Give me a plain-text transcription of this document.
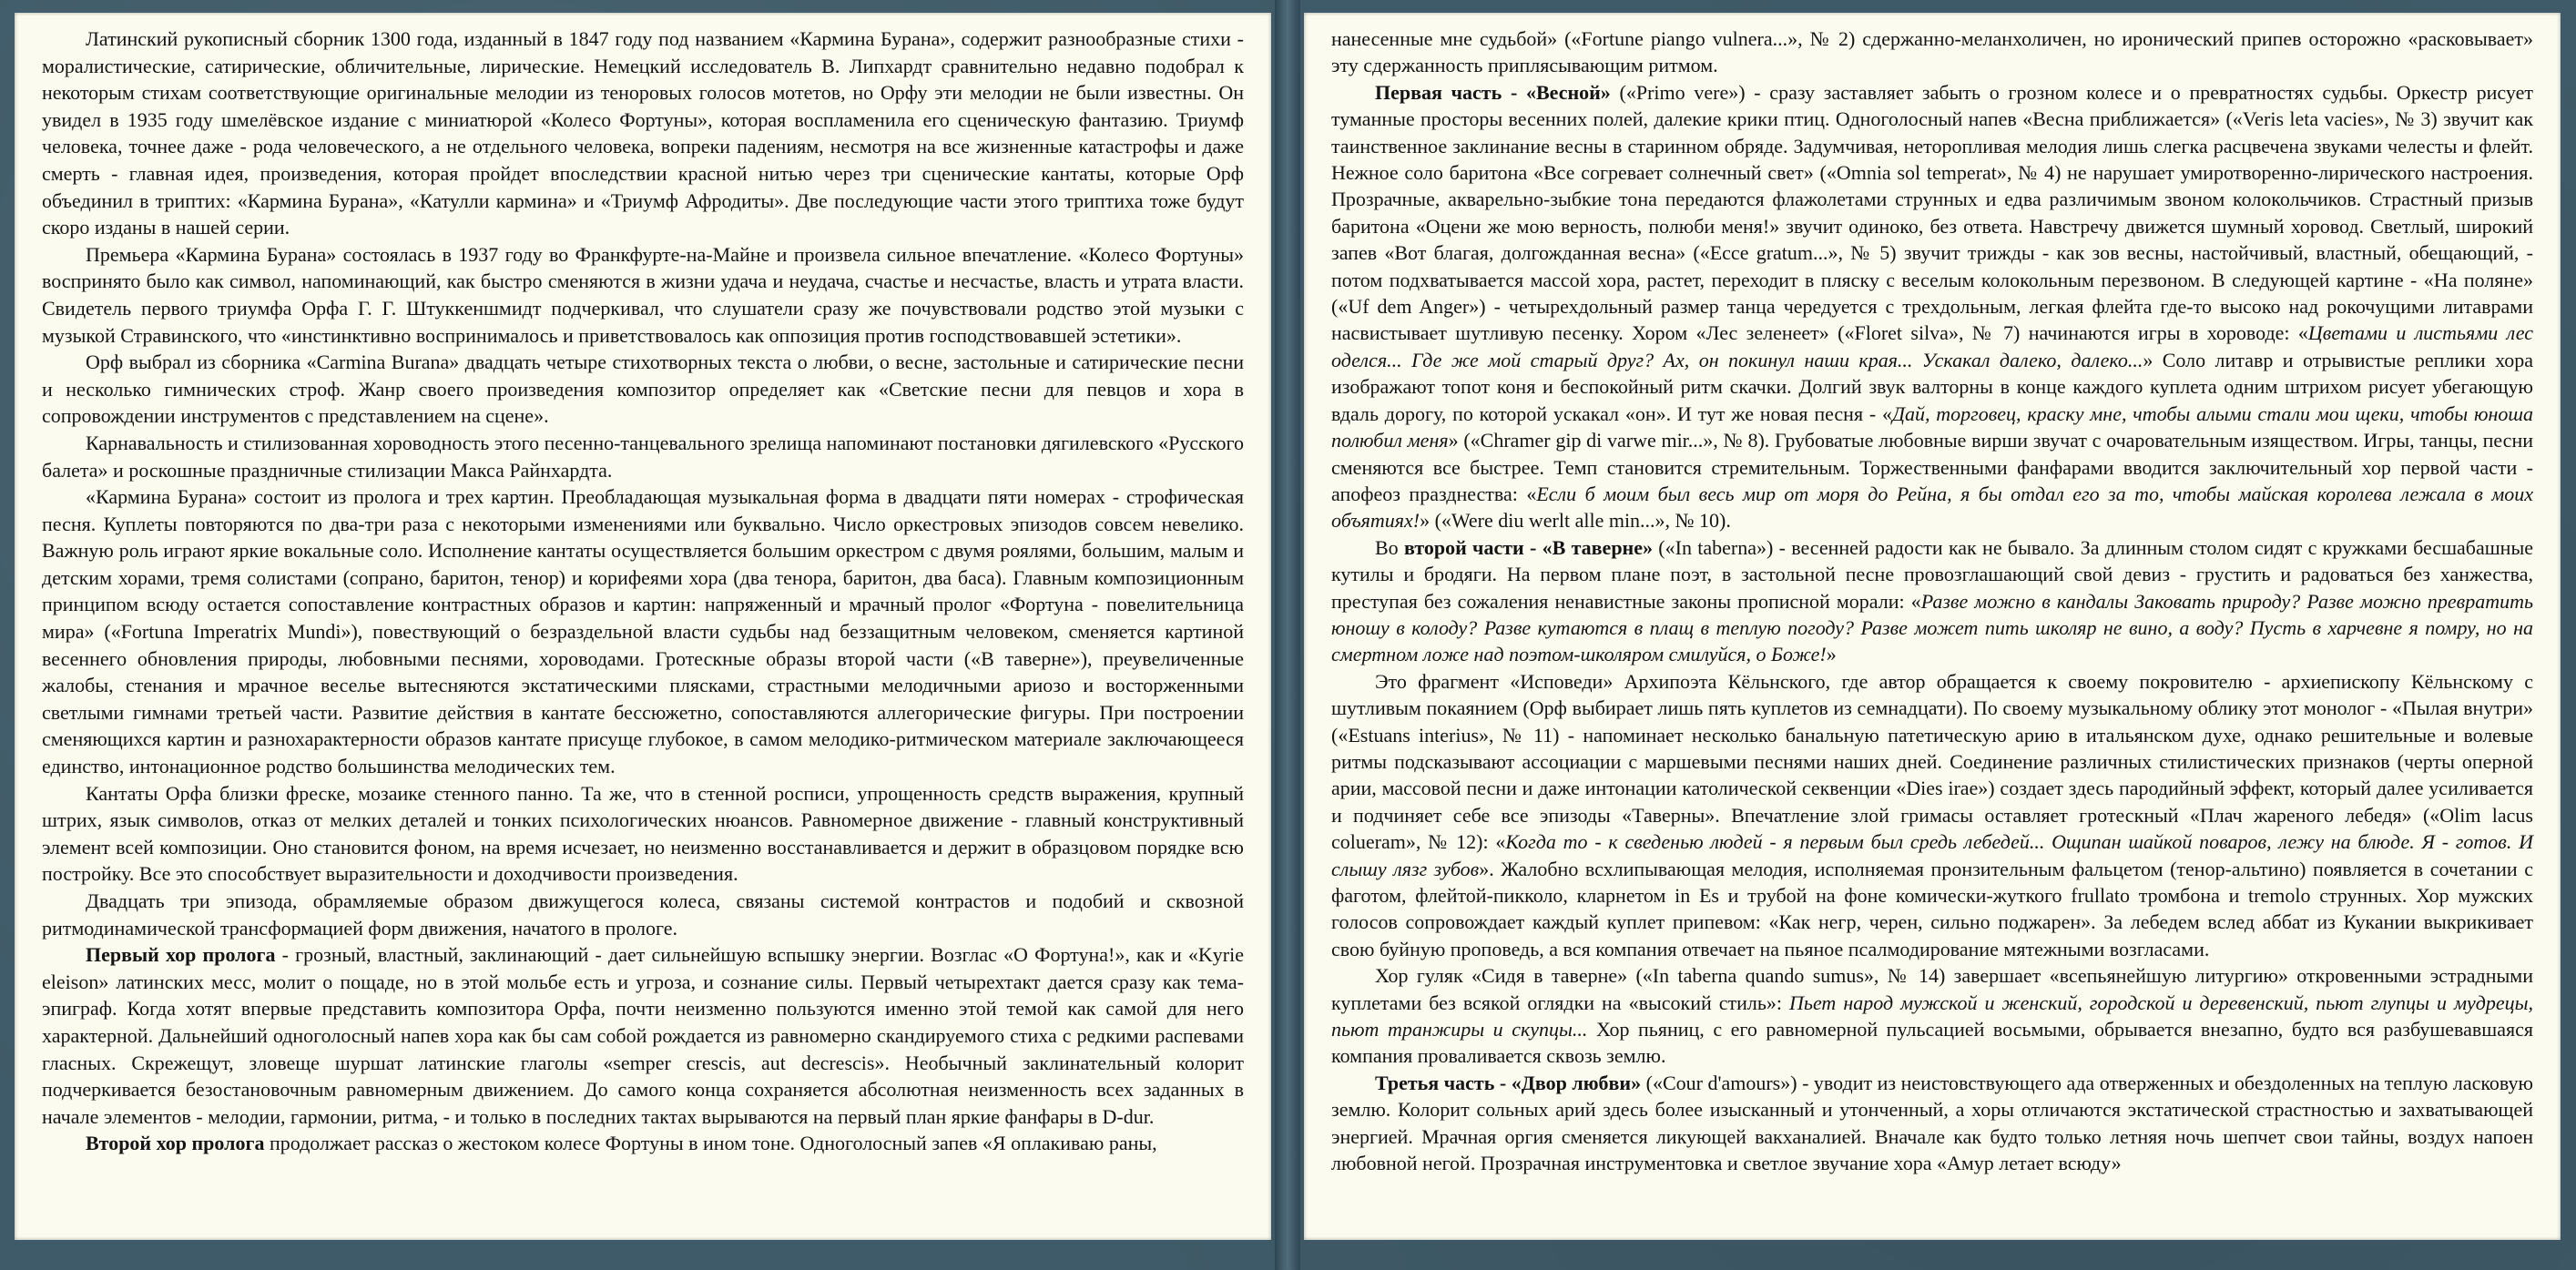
Латинский рукописный сборник 1300 года, изданный в 1847 году под названием «Кармина Бурана», содержит разнообразные стихи - моралистические, сатирические, обличительные, лирические. Немецкий исследователь В. Липхардт сравнительно недавно подобрал к некоторым стихам соответствующие оригинальные мелодии из теноровых голосов мотетов, но Орфу эти мелодии не были известны. Он увидел в 1935 году шмелёвское издание с миниатюрой «Колесо Фортуны», которая воспламенила его сценическую фантазию. Триумф человека, точнее даже - рода человеческого, а не отдельного человека, вопреки падениям, несмотря на все жизненные катастрофы и даже смерть - главная идея, произведения, которая пройдет впоследствии красной нитью через три сценические кантаты, которые Орф объединил в триптих: «Кармина Бурана», «Катулли кармина» и «Триумф Афродиты». Две последующие части этого триптиха тоже будут скоро изданы в нашей серии.

Премьера «Кармина Бурана» состоялась в 1937 году во Франкфурте-на-Майне и произвела сильное впечатление. «Колесо Фортуны» воспринято было как символ, напоминающий, как быстро сменяются в жизни удача и неудача, счастье и несчастье, власть и утрата власти. Свидетель первого триумфа Орфа Г. Г. Штуккеншмидт подчеркивал, что слушатели сразу же почувствовали родство этой музыки с музыкой Стравинского, что «инстинктивно воспринималось и приветствовалось как оппозиция против господствовавшей эстетики».

Орф выбрал из сборника «Carmina Burana» двадцать четыре стихотворных текста о любви, о весне, застольные и сатирические песни и несколько гимнических строф. Жанр своего произведения композитор определяет как «Светские песни для певцов и хора в сопровождении инструментов с представлением на сцене».

Карнавальность и стилизованная хороводность этого песенно-танцевального зрелища напоминают постановки дягилевского «Русского балета» и роскошные праздничные стилизации Макса Райнхардта.

«Кармина Бурана» состоит из пролога и трех картин. Преобладающая музыкальная форма в двадцати пяти номерах - строфическая песня. Куплеты повторяются по два-три раза с некоторыми изменениями или буквально. Число оркестровых эпизодов совсем невелико. Важную роль играют яркие вокальные соло. Исполнение кантаты осуществляется большим оркестром с двумя роялями, большим, малым и детским хорами, тремя солистами (сопрано, баритон, тенор) и корифеями хора (два тенора, баритон, два баса). Главным композиционным принципом всюду остается сопоставление контрастных образов и картин: напряженный и мрачный пролог «Фортуна - повелительница мира» («Fortuna Imperatrix Mundi»), повествующий о безраздельной власти судьбы над беззащитным человеком, сменяется картиной весеннего обновления природы, любовными песнями, хороводами. Гротескные образы второй части («В таверне»), преувеличенные жалобы, стенания и мрачное веселье вытесняются экстатическими плясками, страстными мелодичными ариозо и восторженными светлыми гимнами третьей части. Развитие действия в кантате бессюжетно, сопоставляются аллегорические фигуры. При построении сменяющихся картин и разнохарактерности образов кантате присуще глубокое, в самом мелодико-ритмическом материале заключающееся единство, интонационное родство большинства мелодических тем.

Кантаты Орфа близки фреске, мозаике стенного панно. Та же, что в стенной росписи, упрощенность средств выражения, крупный штрих, язык символов, отказ от мелких деталей и тонких психологических нюансов. Равномерное движение - главный конструктивный элемент всей композиции. Оно становится фоном, на время исчезает, но неизменно восстанавливается и держит в образцовом порядке всю постройку. Все это способствует выразительности и доходчивости произведения.

Двадцать три эпизода, обрамляемые образом движущегося колеса, связаны системой контрастов и подобий и сквозной ритмодинамической трансформацией форм движения, начатого в прологе.

Первый хор пролога - грозный, властный, заклинающий - дает сильнейшую вспышку энергии. Возглас «О Фортуна!», как и «Kyrie eleison» латинских месс, молит о пощаде, но в этой мольбе есть и угроза, и сознание силы. Первый четырехтакт дается сразу как тема-эпиграф. Когда хотят впервые представить композитора Орфа, почти неизменно пользуются именно этой темой как самой для него характерной. Дальнейший одноголосный напев хора как бы сам собой рождается из равномерно скандируемого стиха с редкими распевами гласных. Скрежещут, зловеще шуршат латинские глаголы «semper crescis, aut decrescis». Необычный заклинательный колорит подчеркивается безостановочным равномерным движением. До самого конца сохраняется абсолютная неизменность всех заданных в начале элементов - мелодии, гармонии, ритма, - и только в последних тактах вырываются на первый план яркие фанфары в D-dur.

Второй хор пролога продолжает рассказ о жестоком колесе Фортуны в ином тоне. Одноголосный запев «Я оплакиваю раны,

нанесенные мне судьбой» («Fortune piango vulnera...», № 2) сдержанно-меланхоличен, но иронический припев осторожно «расковывает» эту сдержанность приплясывающим ритмом.

Первая часть - «Весной» («Primo vere») - сразу заставляет забыть о грозном колесе и о превратностях судьбы. Оркестр рисует туманные просторы весенних полей, далекие крики птиц. Одноголосный напев «Весна приближается» («Veris leta vacies», № 3) звучит как таинственное заклинание весны в старинном обряде. Задумчивая, неторопливая мелодия лишь слегка расцвечена звуками челесты и флейт. Нежное соло баритона «Все согревает солнечный свет» («Omnia sol temperat», № 4) не нарушает умиротворенно-лирического настроения. Прозрачные, акварельно-зыбкие тона передаются флажолетами струнных и едва различимым звоном колокольчиков. Страстный призыв баритона «Оцени же мою верность, полюби меня!» звучит одиноко, без ответа. Навстречу движется шумный хоровод. Светлый, широкий запев «Вот благая, долгожданная весна» («Ecce gratum...», № 5) звучит трижды - как зов весны, настойчивый, властный, обещающий, - потом подхватывается массой хора, растет, переходит в пляску с веселым колокольным перезвоном. В следующей картине - «На поляне» («Uf dem Anger») - четырехдольный размер танца чередуется с трехдольным, легкая флейта где-то высоко над рокочущими литаврами насвистывает шутливую песенку. Хором «Лес зеленеет» («Floret silva», № 7) начинаются игры в хороводе: «Цветами и листьями лес оделся... Где же мой старый друг? Ах, он покинул наши края... Ускакал далеко, далеко...» Соло литавр и отрывистые реплики хора изображают топот коня и беспокойный ритм скачки. Долгий звук валторны в конце каждого куплета одним штрихом рисует убегающую вдаль дорогу, по которой ускакал «он». И тут же новая песня - «Дай, торговец, краску мне, чтобы алыми стали мои щеки, чтобы юноша полюбил меня» («Chramer gip di varwe mir...», № 8). Грубоватые любовные вирши звучат с очаровательным изяществом. Игры, танцы, песни сменяются все быстрее. Темп становится стремительным. Торжественными фанфарами вводится заключительный хор первой части - апофеоз празднества: «Если б моим был весь мир от моря до Рейна, я бы отдал его за то, чтобы майская королева лежала в моих объятиях!» («Were diu werlt alle min...», № 10).

Во второй части - «В таверне» («In taberna») - весенней радости как не бывало. За длинным столом сидят с кружками бесшабашные кутилы и бродяги. На первом плане поэт, в застольной песне провозглашающий свой девиз - грустить и радоваться без ханжества, преступая без сожаления ненавистные законы прописной морали: «Разве можно в кандалы Заковать природу? Разве можно превратить юношу в колоду? Разве кутаются в плащ в теплую погоду? Разве может пить школяр не вино, а воду? Пусть в харчевне я помру, но на смертном ложе над поэтом-школяром смилуйся, о Боже!»

Это фрагмент «Исповеди» Архипоэта Кёльнского, где автор обращается к своему покровителю - архиепископу Кёльнскому с шутливым покаянием (Орф выбирает лишь пять куплетов из семнадцати). По своему музыкальному облику этот монолог - «Пылая внутри» («Estuans interius», № 11) - напоминает несколько банальную патетическую арию в итальянском духе, однако решительные и волевые ритмы подсказывают ассоциации с маршевыми песнями наших дней. Соединение различных стилистических признаков (черты оперной арии, массовой песни и даже интонации католической секвенции «Dies irae») создает здесь пародийный эффект, который далее усиливается и подчиняет себе все эпизоды «Таверны». Впечатление злой гримасы оставляет гротескный «Плач жареного лебедя» («Olim lacus colueram», № 12): «Когда то - к сведенью людей - я первым был средь лебедей... Ощипан шайкой поваров, лежу на блюде. Я - готов. И слышу лязг зубов». Жалобно всхлипывающая мелодия, исполняемая пронзительным фальцетом (тенор-альтино) появляется в сочетании с фаготом, флейтой-пикколо, кларнетом in Es и трубой на фоне комически-жуткого frullato тромбона и tremolo струнных. Хор мужских голосов сопровождает каждый куплет припевом: «Как негр, черен, сильно поджарен». За лебедем вслед аббат из Кукании выкрикивает свою буйную проповедь, а вся компания отвечает на пьяное псалмодирование мятежными возгласами.

Хор гуляк «Сидя в таверне» («In taberna quando sumus», № 14) завершает «всепьянейшую литургию» откровенными эстрадными куплетами без всякой оглядки на «высокий стиль»: Пьет народ мужской и женский, городской и деревенский, пьют глупцы и мудрецы, пьют транжиры и скупцы... Хор пьяниц, с его равномерной пульсацией восьмыми, обрывается внезапно, будто вся разбушевавшаяся компания проваливается сквозь землю.

Третья часть - «Двор любви» («Cour d'amours») - уводит из неистовствующего ада отверженных и обездоленных на теплую ласковую землю. Колорит сольных арий здесь более изысканный и утонченный, а хоры отличаются экстатической страстностью и захватывающей энергией. Мрачная оргия сменяется ликующей вакханалией. Вначале как будто только летняя ночь шепчет свои тайны, воздух напоен любовной негой. Прозрачная инструментовка и светлое звучание хора «Амур летает всюду»
